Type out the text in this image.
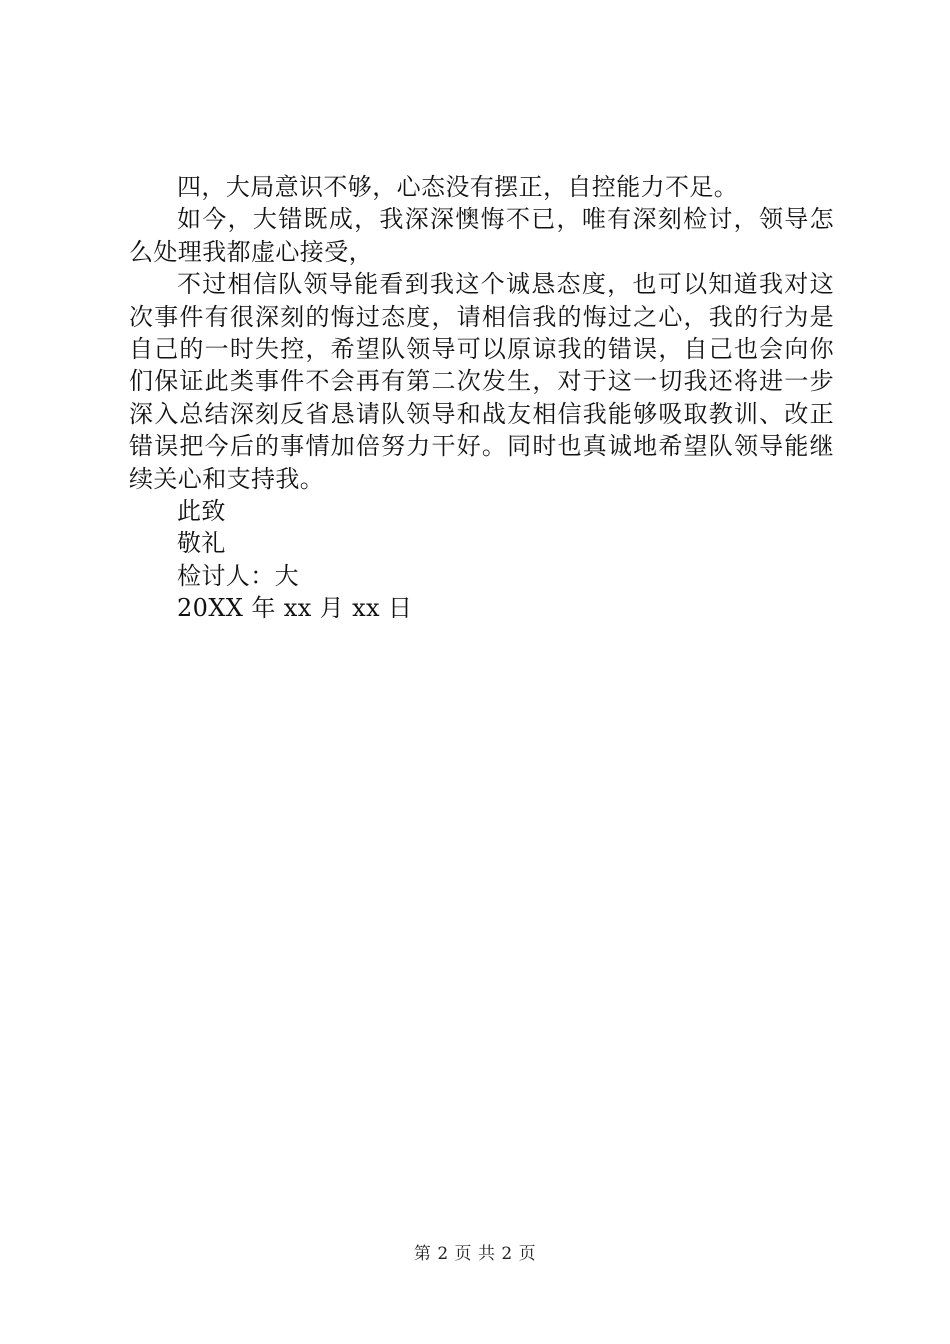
四，大局意识不够，心态没有摆正，自控能力不足。

如今，大错既成，我深深懊悔不已，唯有深刻检讨，领导怎么处理我都虚心接受，

不过相信队领导能看到我这个诚恳态度，也可以知道我对这次事件有很深刻的悔过态度，请相信我的悔过之心，我的行为是自己的一时失控，希望队领导可以原谅我的错误，自己也会向你们保证此类事件不会再有第二次发生，对于这一切我还将进一步深入总结深刻反省恳请队领导和战友相信我能够吸取教训、改正错误把今后的事情加倍努力干好。同时也真诚地希望队领导能继续关心和支持我。

此致

敬礼

检讨人：大

20XX 年 xx 月 xx 日

第 2 页 共 2 页
